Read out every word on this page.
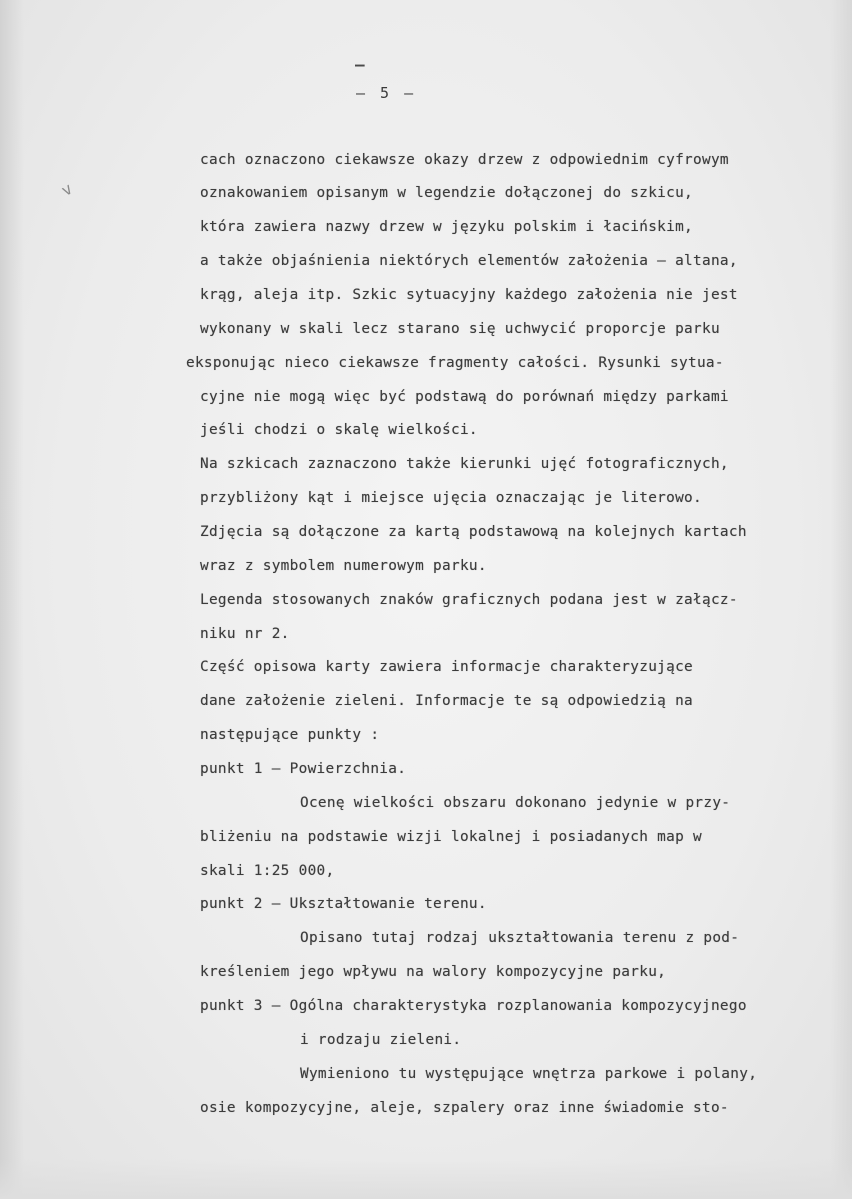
–
– 5 –
v
cach oznaczono ciekawsze okazy drzew z odpowiednim cyfrowym
oznakowaniem opisanym w legendzie dołączonej do szkicu,
która zawiera nazwy drzew w języku polskim i łacińskim,
a także objaśnienia niektórych elementów założenia – altana,
krąg, aleja itp. Szkic sytuacyjny każdego założenia nie jest
wykonany w skali lecz starano się uchwycić proporcje parku
eksponując nieco ciekawsze fragmenty całości. Rysunki sytua-
cyjne nie mogą więc być podstawą do porównań między parkami
jeśli chodzi o skalę wielkości.
Na szkicach zaznaczono także kierunki ujęć fotograficznych,
przybliżony kąt i miejsce ujęcia oznaczając je literowo.
Zdjęcia są dołączone za kartą podstawową na kolejnych kartach
wraz z symbolem numerowym parku.
Legenda stosowanych znaków graficznych podana jest w załącz-
niku nr 2.
Część opisowa karty zawiera informacje charakteryzujące
dane założenie zieleni. Informacje te są odpowiedzią na
następujące punkty :
punkt 1 – Powierzchnia.
Ocenę wielkości obszaru dokonano jedynie w przy-
bliżeniu na podstawie wizji lokalnej i posiadanych map w
skali 1:25 000,
punkt 2 – Ukształtowanie terenu.
Opisano tutaj rodzaj ukształtowania terenu z pod-
kreśleniem jego wpływu na walory kompozycyjne parku,
punkt 3 – Ogólna charakterystyka rozplanowania kompozycyjnego
i rodzaju zieleni.
Wymieniono tu występujące wnętrza parkowe i polany,
osie kompozycyjne, aleje, szpalery oraz inne świadomie sto-
